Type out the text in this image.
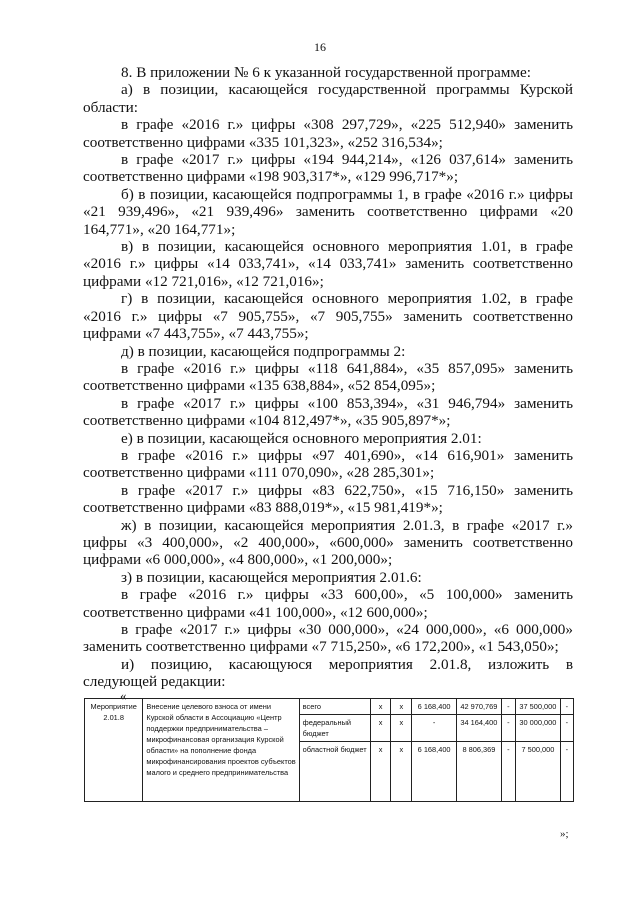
16

8. В приложении № 6 к указанной государственной программе:

а) в позиции, касающейся государственной программы Курской области:

в графе «2016 г.» цифры «308 297,729», «225 512,940» заменить соответственно цифрами «335 101,323», «252 316,534»;

в графе «2017 г.» цифры «194 944,214», «126 037,614» заменить соответственно цифрами «198 903,317*», «129 996,717*»;

б) в позиции, касающейся подпрограммы 1, в графе «2016 г.» цифры «21 939,496», «21 939,496» заменить соответственно цифрами «20 164,771», «20 164,771»;

в) в позиции, касающейся основного мероприятия 1.01, в графе «2016 г.» цифры «14 033,741», «14 033,741» заменить соответственно цифрами «12 721,016», «12 721,016»;

г) в позиции, касающейся основного мероприятия 1.02, в графе «2016 г.» цифры «7 905,755», «7 905,755» заменить соответственно цифрами «7 443,755», «7 443,755»;

д) в позиции, касающейся подпрограммы 2:

в графе «2016 г.» цифры «118 641,884», «35 857,095» заменить соответственно цифрами «135 638,884», «52 854,095»;

в графе «2017 г.» цифры «100 853,394», «31 946,794» заменить соответственно цифрами «104 812,497*», «35 905,897*»;

е) в позиции, касающейся основного мероприятия 2.01:

в графе «2016 г.» цифры «97 401,690», «14 616,901» заменить соответственно цифрами «111 070,090», «28 285,301»;

в графе «2017 г.» цифры «83 622,750», «15 716,150» заменить соответственно цифрами «83 888,019*», «15 981,419*»;

ж) в позиции, касающейся мероприятия 2.01.3, в графе «2017 г.» цифры «3 400,000», «2 400,000», «600,000» заменить соответственно цифрами «6 000,000», «4 800,000», «1 200,000»;

з) в позиции, касающейся мероприятия 2.01.6:

в графе «2016 г.» цифры «33 600,00», «5 100,000» заменить соответственно цифрами «41 100,000», «12 600,000»;

в графе «2017 г.» цифры «30 000,000», «24 000,000», «6 000,000» заменить соответственно цифрами «7 715,250», «6 172,200», «1 543,050»;

и) позицию, касающуюся мероприятия 2.01.8, изложить в следующей редакции:

«
Мероприятие 2.01.8	Внесение целевого взноса от имени Курской области в Ассоциацию «Центр поддержки предпринимательства – микрофинансовая организация Курской области» на пополнение фонда микрофинансирования проектов субъектов малого и среднего предпринимательства	всего	x	x	6 168,400	42 970,769	-	37 500,000	-
		федеральный бюджет	x	x	-	34 164,400	-	30 000,000	-
		областной бюджет	x	x	6 168,400	8 806,369	-	7 500,000	-
»;
